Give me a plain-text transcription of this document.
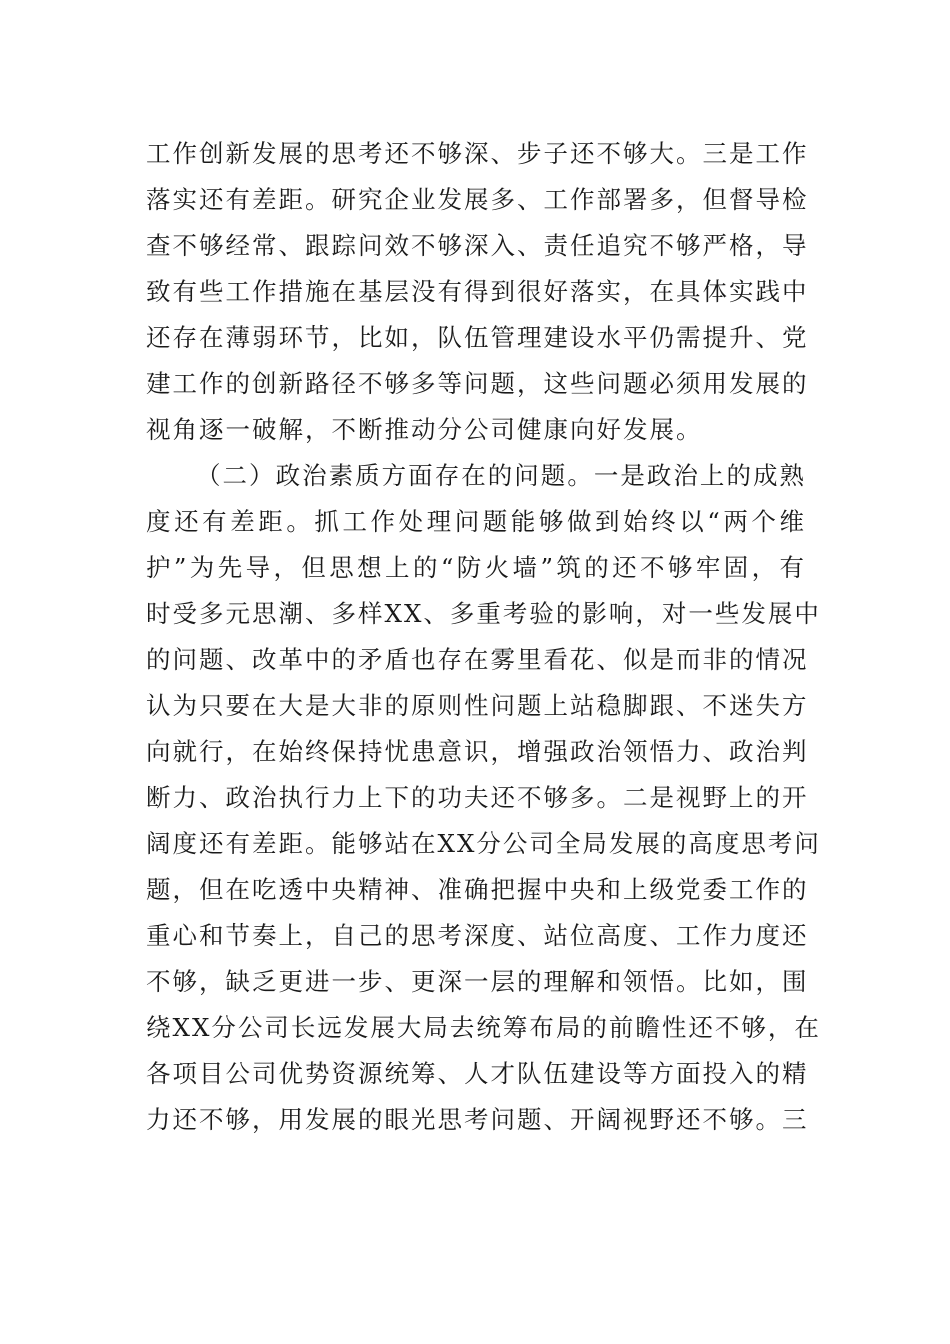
工作创新发展的思考还不够深、步子还不够大。三是工作
落实还有差距。研究企业发展多、工作部署多，但督导检
查不够经常、跟踪问效不够深入、责任追究不够严格，导
致有些工作措施在基层没有得到很好落实，在具体实践中
还存在薄弱环节，比如，队伍管理建设水平仍需提升、党
建工作的创新路径不够多等问题，这些问题必须用发展的
视角逐一破解，不断推动分公司健康向好发展。
（二）政治素质方面存在的问题。一是政治上的成熟
度还有差距。抓工作处理问题能够做到始终以“两个维
护”为先导，但思想上的“防火墙”筑的还不够牢固，有
时受多元思潮、多样XX、多重考验的影响，对一些发展中
的问题、改革中的矛盾也存在雾里看花、似是而非的情况
认为只要在大是大非的原则性问题上站稳脚跟、不迷失方
向就行，在始终保持忧患意识，增强政治领悟力、政治判
断力、政治执行力上下的功夫还不够多。二是视野上的开
阔度还有差距。能够站在XX分公司全局发展的高度思考问
题，但在吃透中央精神、准确把握中央和上级党委工作的
重心和节奏上，自己的思考深度、站位高度、工作力度还
不够，缺乏更进一步、更深一层的理解和领悟。比如，围
绕XX分公司长远发展大局去统筹布局的前瞻性还不够，在
各项目公司优势资源统筹、人才队伍建设等方面投入的精
力还不够，用发展的眼光思考问题、开阔视野还不够。三
